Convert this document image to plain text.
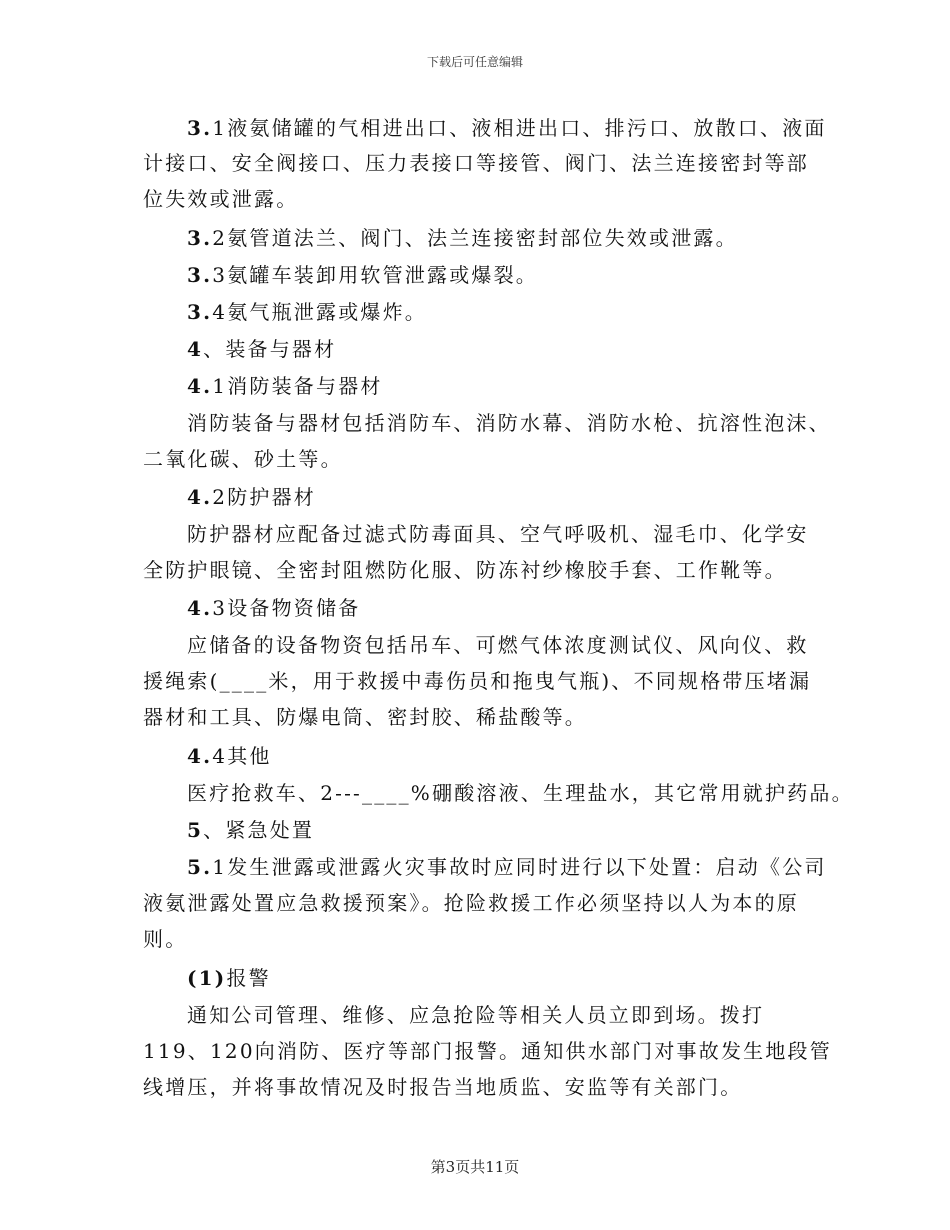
下载后可任意编辑
3.1液氨储罐的气相进出口、液相进出口、排污口、放散口、液面
计接口、安全阀接口、压力表接口等接管、阀门、法兰连接密封等部
位失效或泄露。
3.2氨管道法兰、阀门、法兰连接密封部位失效或泄露。
3.3氨罐车装卸用软管泄露或爆裂。
3.4氨气瓶泄露或爆炸。
4、装备与器材
4.1消防装备与器材
消防装备与器材包括消防车、消防水幕、消防水枪、抗溶性泡沫、
二氧化碳、砂土等。
4.2防护器材
防护器材应配备过滤式防毒面具、空气呼吸机、湿毛巾、化学安
全防护眼镜、全密封阻燃防化服、防冻衬纱橡胶手套、工作靴等。
4.3设备物资储备
应储备的设备物资包括吊车、可燃气体浓度测试仪、风向仪、救
援绳索(____米，用于救援中毒伤员和拖曳气瓶)、不同规格带压堵漏
器材和工具、防爆电筒、密封胶、稀盐酸等。
4.4其他
医疗抢救车、2---____%硼酸溶液、生理盐水，其它常用就护药品。
5、紧急处置
5.1发生泄露或泄露火灾事故时应同时进行以下处置：启动《公司
液氨泄露处置应急救援预案》。抢险救援工作必须坚持以人为本的原
则。
(1)报警
通知公司管理、维修、应急抢险等相关人员立即到场。拨打
119、120向消防、医疗等部门报警。通知供水部门对事故发生地段管
线增压，并将事故情况及时报告当地质监、安监等有关部门。
第3页共11页
